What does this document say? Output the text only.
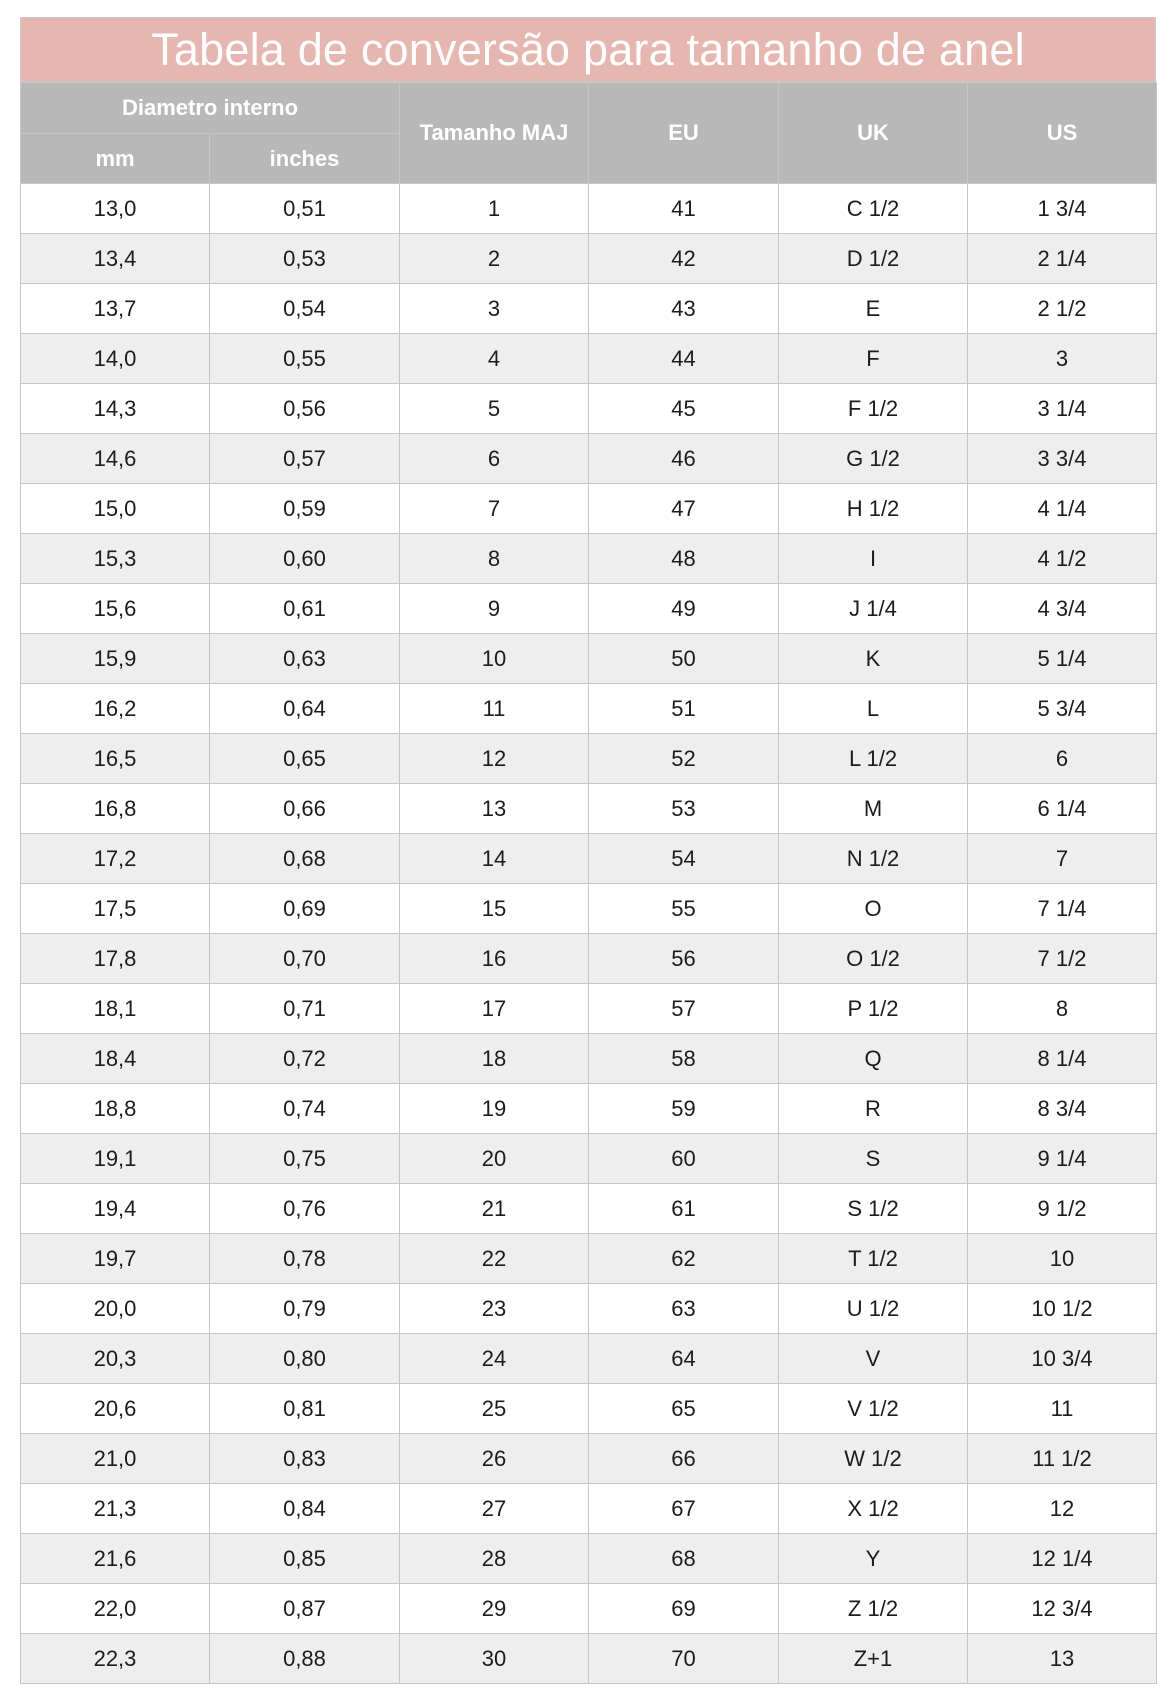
Tabela de conversão para tamanho de anel
Diametro interno		Tamanho MAJ	EU	UK	US
mm	inches				
13,0	0,51	1	41	C 1/2	1 3/4
13,4	0,53	2	42	D 1/2	2 1/4
13,7	0,54	3	43	E	2 1/2
14,0	0,55	4	44	F	3
14,3	0,56	5	45	F 1/2	3 1/4
14,6	0,57	6	46	G 1/2	3 3/4
15,0	0,59	7	47	H 1/2	4 1/4
15,3	0,60	8	48	I	4 1/2
15,6	0,61	9	49	J 1/4	4 3/4
15,9	0,63	10	50	K	5 1/4
16,2	0,64	11	51	L	5 3/4
16,5	0,65	12	52	L 1/2	6
16,8	0,66	13	53	M	6 1/4
17,2	0,68	14	54	N 1/2	7
17,5	0,69	15	55	O	7 1/4
17,8	0,70	16	56	O 1/2	7 1/2
18,1	0,71	17	57	P 1/2	8
18,4	0,72	18	58	Q	8 1/4
18,8	0,74	19	59	R	8 3/4
19,1	0,75	20	60	S	9 1/4
19,4	0,76	21	61	S 1/2	9 1/2
19,7	0,78	22	62	T 1/2	10
20,0	0,79	23	63	U 1/2	10 1/2
20,3	0,80	24	64	V	10 3/4
20,6	0,81	25	65	V 1/2	11
21,0	0,83	26	66	W 1/2	11 1/2
21,3	0,84	27	67	X 1/2	12
21,6	0,85	28	68	Y	12 1/4
22,0	0,87	29	69	Z 1/2	12 3/4
22,3	0,88	30	70	Z+1	13
